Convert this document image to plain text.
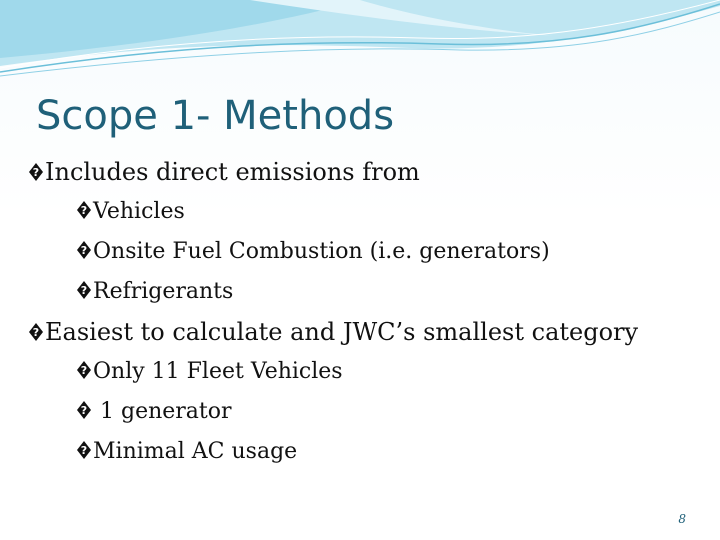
Scope 1- Methods
? Includes direct emissions from
? Vehicles
? Onsite Fuel Combustion (i.e. generators)
? Refrigerants
? Easiest to calculate and JWC’s smallest category
? Only 11 Fleet Vehicles
? 1 generator
? Minimal AC usage
8
